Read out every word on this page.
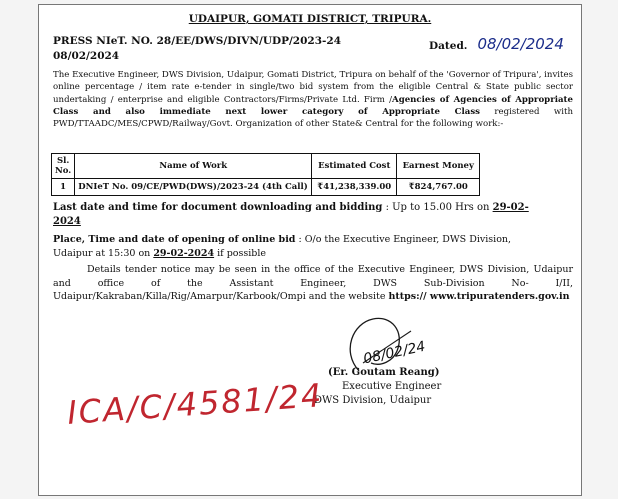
UDAIPUR, GOMATI DISTRICT, TRIPURA.
PRESS NIeT. NO. 28/EE/DWS/DIVN/UDP/2023-24
08/02/2024
Dated. 08/02/2024
The Executive Engineer, DWS Division, Udaipur, Gomati District, Tripura on behalf of the 'Governor of Tripura', invites online percentage / item rate e-tender in single/two bid system from the eligible Central & State public sector undertaking / enterprise and eligible Contractors/Firms/Private Ltd. Firm /Agencies of Agencies of Appropriate Class and also immediate next lower category of Appropriate Class registered with PWD/TTAADC/MES/CPWD/Railway/Govt. Organization of other State& Central for the following work:-
Sl. No.	Name of Work	Estimated Cost	Earnest Money
1	DNIeT No. 09/CE/PWD(DWS)/2023-24 (4th Call)	₹41,238,339.00	₹824,767.00
Last date and time for document downloading and bidding : Up to 15.00 Hrs on 29-02-2024
Place, Time and date of opening of online bid : O/o the Executive Engineer, DWS Division, Udaipur at 15:30 on 29-02-2024 if possible
Details tender notice may be seen in the office of the Executive Engineer, DWS Division, Udaipur and office of the Assistant Engineer, DWS Sub-Division No- I/II, Udaipur/Kakraban/Killa/Rig/Amarpur/Karbook/Ompi and the website https:// www.tripuratenders.gov.in
08/02/24
(Er. Goutam Reang)
Executive Engineer
DWS Division, Udaipur
ICA/C/4581/24
